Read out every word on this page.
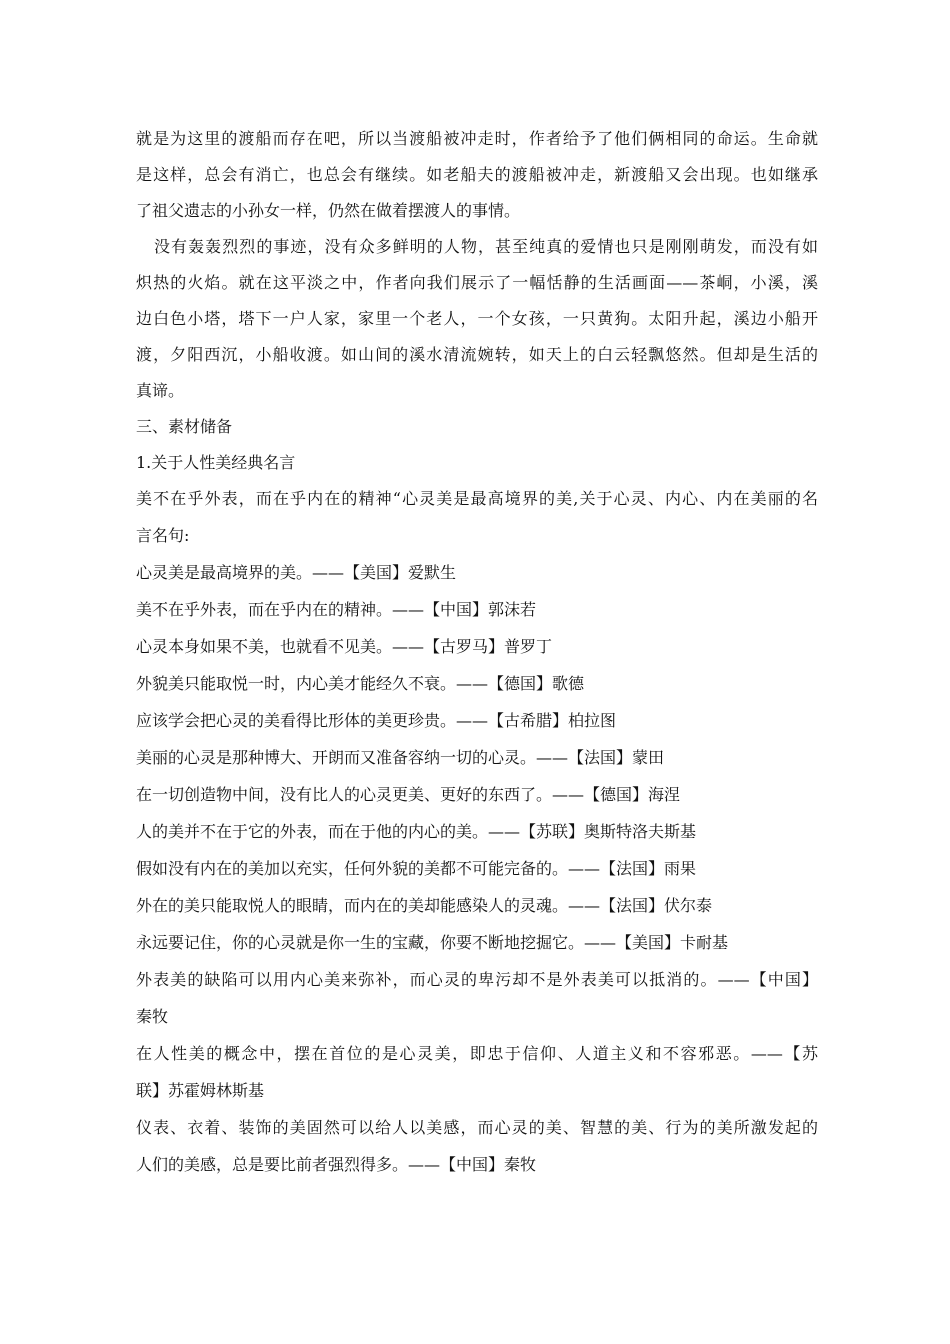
就是为这里的渡船而存在吧，所以当渡船被冲走时，作者给予了他们俩相同的命运。生命就
是这样，总会有消亡，也总会有继续。如老船夫的渡船被冲走，新渡船又会出现。也如继承
了祖父遗志的小孙女一样，仍然在做着摆渡人的事情。
没有轰轰烈烈的事迹，没有众多鲜明的人物，甚至纯真的爱情也只是刚刚萌发，而没有如
炽热的火焰。就在这平淡之中，作者向我们展示了一幅恬静的生活画面——茶峒，小溪，溪
边白色小塔，塔下一户人家，家里一个老人，一个女孩，一只黄狗。太阳升起，溪边小船开
渡，夕阳西沉，小船收渡。如山间的溪水清流婉转，如天上的白云轻飘悠然。但却是生活的
真谛。
三、素材储备
1.关于人性美经典名言
美不在乎外表，而在乎内在的精神“心灵美是最高境界的美,关于心灵、内心、内在美丽的名
言名句:
心灵美是最高境界的美。——【美国】爱默生
美不在乎外表，而在乎内在的精神。——【中国】郭沫若
心灵本身如果不美，也就看不见美。——【古罗马】普罗丁
外貌美只能取悦一时，内心美才能经久不衰。——【德国】歌德
应该学会把心灵的美看得比形体的美更珍贵。——【古希腊】柏拉图
美丽的心灵是那种博大、开朗而又准备容纳一切的心灵。——【法国】蒙田
在一切创造物中间，没有比人的心灵更美、更好的东西了。——【德国】海涅
人的美并不在于它的外表，而在于他的内心的美。——【苏联】奥斯特洛夫斯基
假如没有内在的美加以充实，任何外貌的美都不可能完备的。——【法国】雨果
外在的美只能取悦人的眼睛，而内在的美却能感染人的灵魂。——【法国】伏尔泰
永远要记住，你的心灵就是你一生的宝藏，你要不断地挖掘它。——【美国】卡耐基
外表美的缺陷可以用内心美来弥补，而心灵的卑污却不是外表美可以抵消的。——【中国】
秦牧
在人性美的概念中，摆在首位的是心灵美，即忠于信仰、人道主义和不容邪恶。——【苏
联】苏霍姆林斯基
仪表、衣着、装饰的美固然可以给人以美感，而心灵的美、智慧的美、行为的美所激发起的
人们的美感，总是要比前者强烈得多。——【中国】秦牧
